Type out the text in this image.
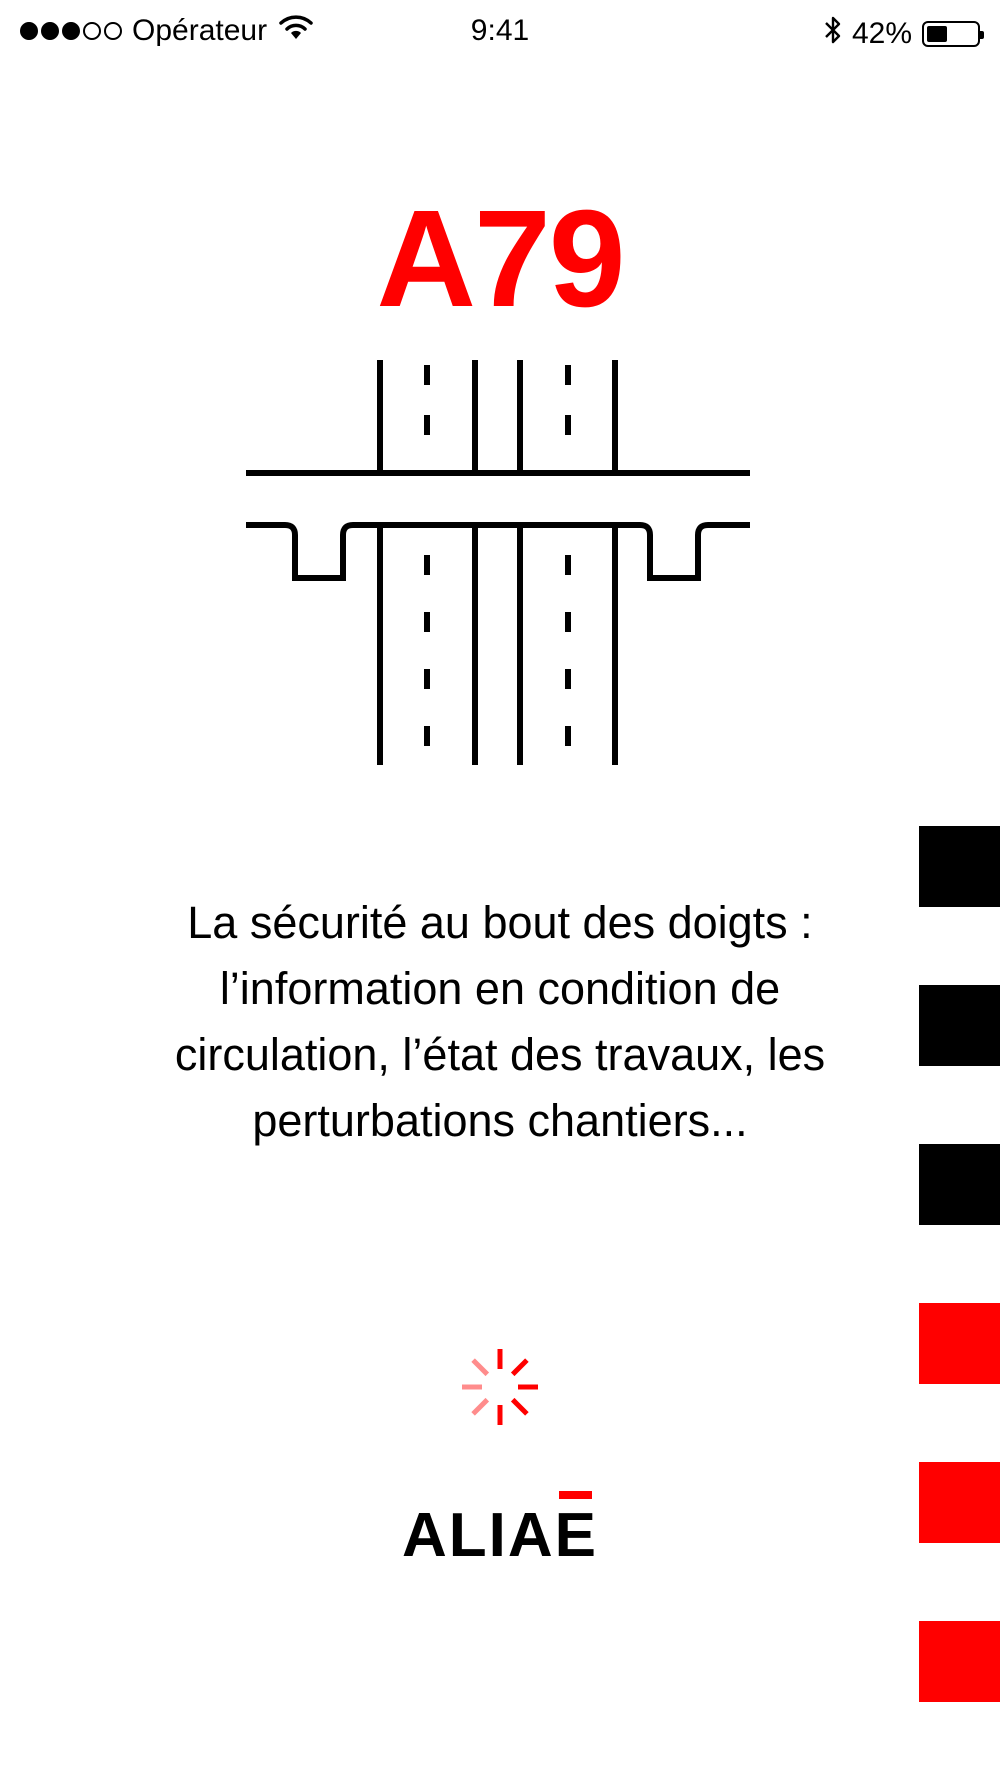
Opérateur	9:41	42%
A79
La sécurité au bout des doigts : l’information en condition de circulation, l’état des travaux, les perturbations chantiers...
ALIAE
